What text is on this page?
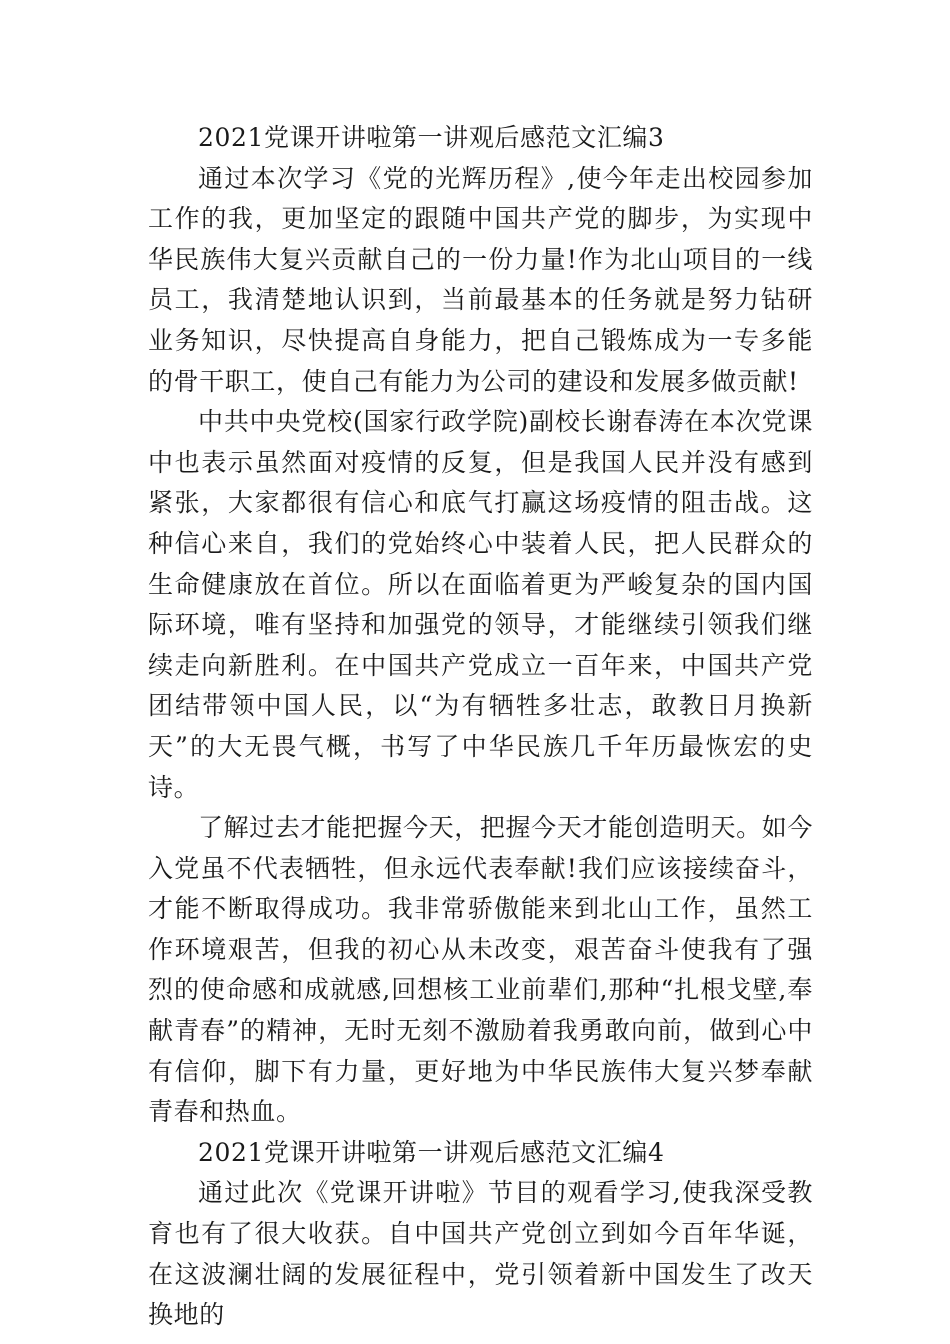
2021党课开讲啦第一讲观后感范文汇编3

通过本次学习《党的光辉历程》,使今年走出校园参加工作的我，更加坚定的跟随中国共产党的脚步，为实现中华民族伟大复兴贡献自己的一份力量!作为北山项目的一线员工，我清楚地认识到，当前最基本的任务就是努力钻研业务知识，尽快提高自身能力，把自己锻炼成为一专多能的骨干职工，使自己有能力为公司的建设和发展多做贡献!

中共中央党校(国家行政学院)副校长谢春涛在本次党课中也表示虽然面对疫情的反复，但是我国人民并没有感到紧张，大家都很有信心和底气打赢这场疫情的阻击战。这种信心来自，我们的党始终心中装着人民，把人民群众的生命健康放在首位。所以在面临着更为严峻复杂的国内国际环境，唯有坚持和加强党的领导，才能继续引领我们继续走向新胜利。在中国共产党成立一百年来，中国共产党团结带领中国人民，以“为有牺牲多壮志，敢教日月换新天”的大无畏气概，书写了中华民族几千年历最恢宏的史诗。

了解过去才能把握今天，把握今天才能创造明天。如今入党虽不代表牺牲，但永远代表奉献!我们应该接续奋斗，才能不断取得成功。我非常骄傲能来到北山工作，虽然工作环境艰苦，但我的初心从未改变，艰苦奋斗使我有了强烈的使命感和成就感,回想核工业前辈们,那种“扎根戈壁,奉献青春”的精神，无时无刻不激励着我勇敢向前，做到心中有信仰，脚下有力量，更好地为中华民族伟大复兴梦奉献青春和热血。

2021党课开讲啦第一讲观后感范文汇编4

通过此次《党课开讲啦》节目的观看学习,使我深受教育也有了很大收获。自中国共产党创立到如今百年华诞，在这波澜壮阔的发展征程中，党引领着新中国发生了改天换地的
